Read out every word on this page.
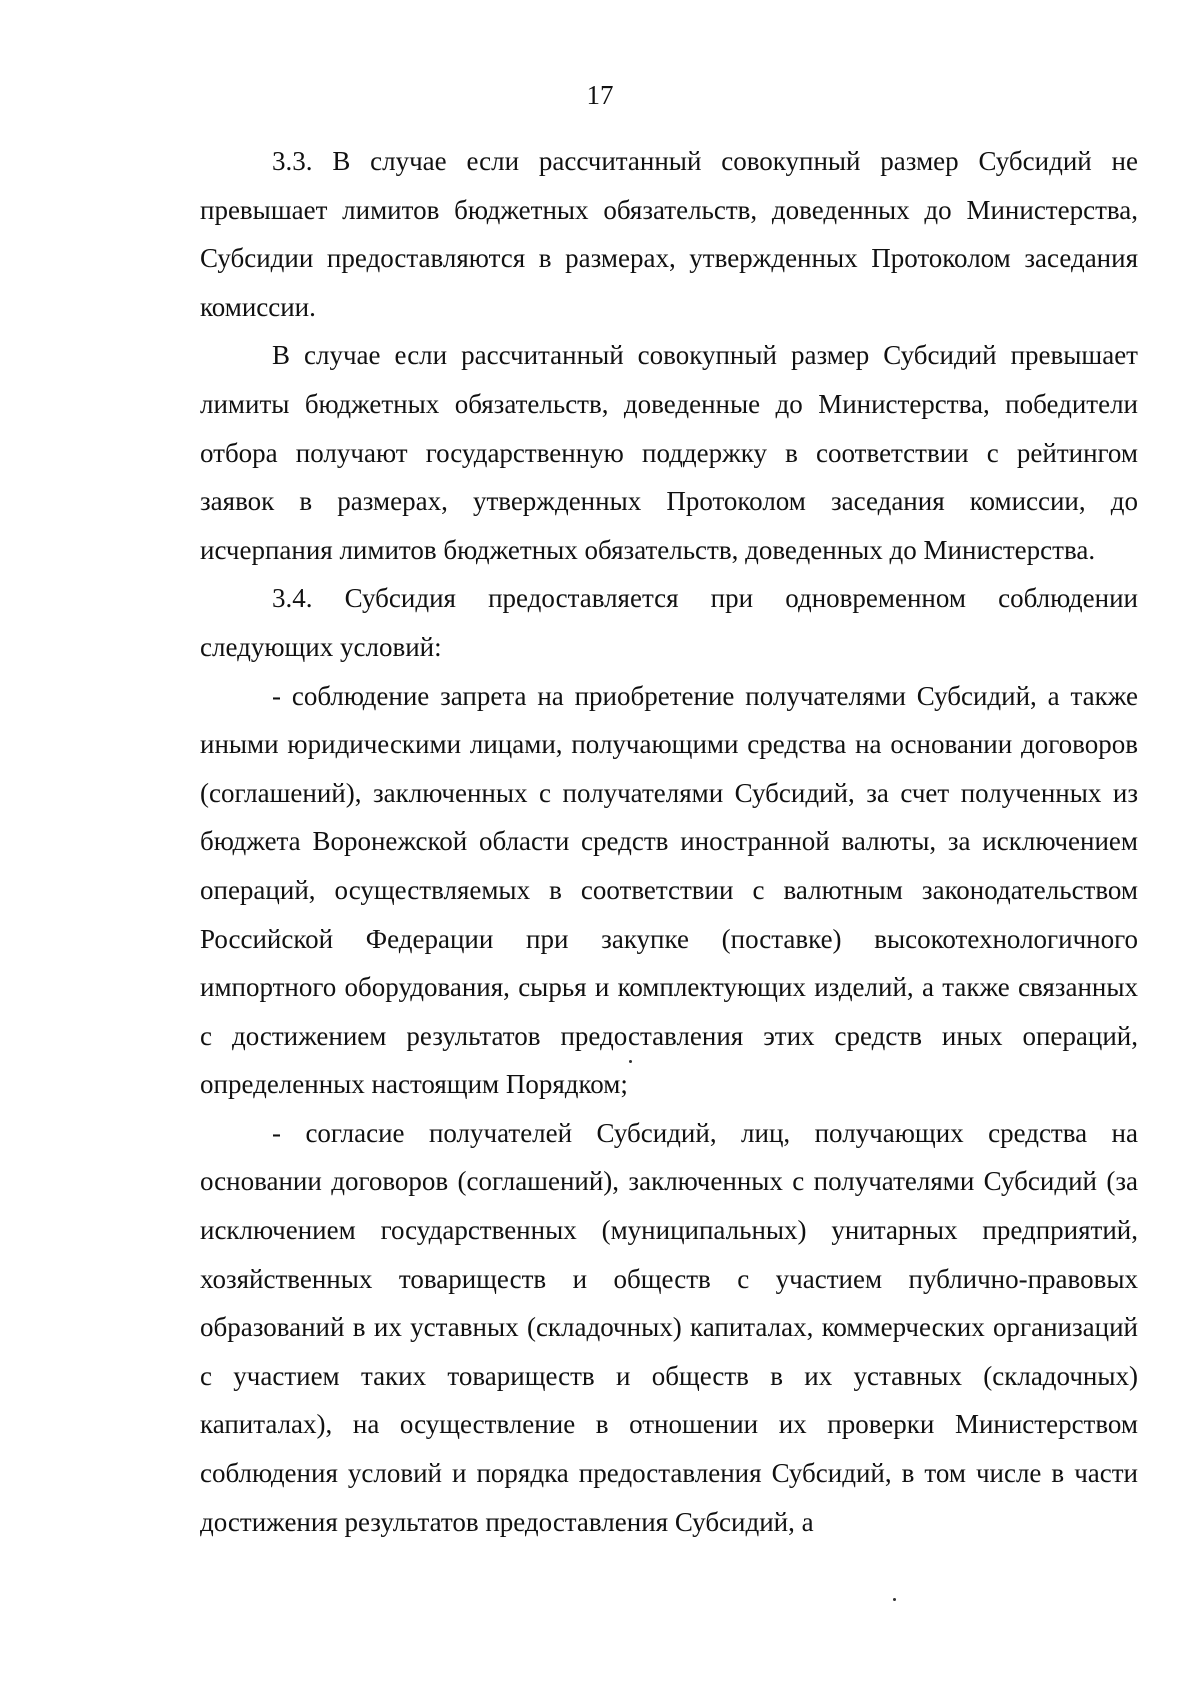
17

3.3. В случае если рассчитанный совокупный размер Субсидий не превышает лимитов бюджетных обязательств, доведенных до Министерства, Субсидии предоставляются в размерах, утвержденных Протоколом заседания комиссии.

В случае если рассчитанный совокупный размер Субсидий превышает лимиты бюджетных обязательств, доведенные до Министерства, победители отбора получают государственную поддержку в соответствии с рейтингом заявок в размерах, утвержденных Протоколом заседания комиссии, до исчерпания лимитов бюджетных обязательств, доведенных до Министерства.

3.4. Субсидия предоставляется при одновременном соблюдении следующих условий:

- соблюдение запрета на приобретение получателями Субсидий, а также иными юридическими лицами, получающими средства на основании договоров (соглашений), заключенных с получателями Субсидий, за счет полученных из бюджета Воронежской области средств иностранной валюты, за исключением операций, осуществляемых в соответствии с валютным законодательством Российской Федерации при закупке (поставке) высокотехнологичного импортного оборудования, сырья и комплектующих изделий, а также связанных с достижением результатов предоставления этих средств иных операций, определенных настоящим Порядком;

- согласие получателей Субсидий, лиц, получающих средства на основании договоров (соглашений), заключенных с получателями Субсидий (за исключением государственных (муниципальных) унитарных предприятий, хозяйственных товариществ и обществ с участием публично-правовых образований в их уставных (складочных) капиталах, коммерческих организаций с участием таких товариществ и обществ в их уставных (складочных) капиталах), на осуществление в отношении их проверки Министерством соблюдения условий и порядка предоставления Субсидий, в том числе в части достижения результатов предоставления Субсидий, а
